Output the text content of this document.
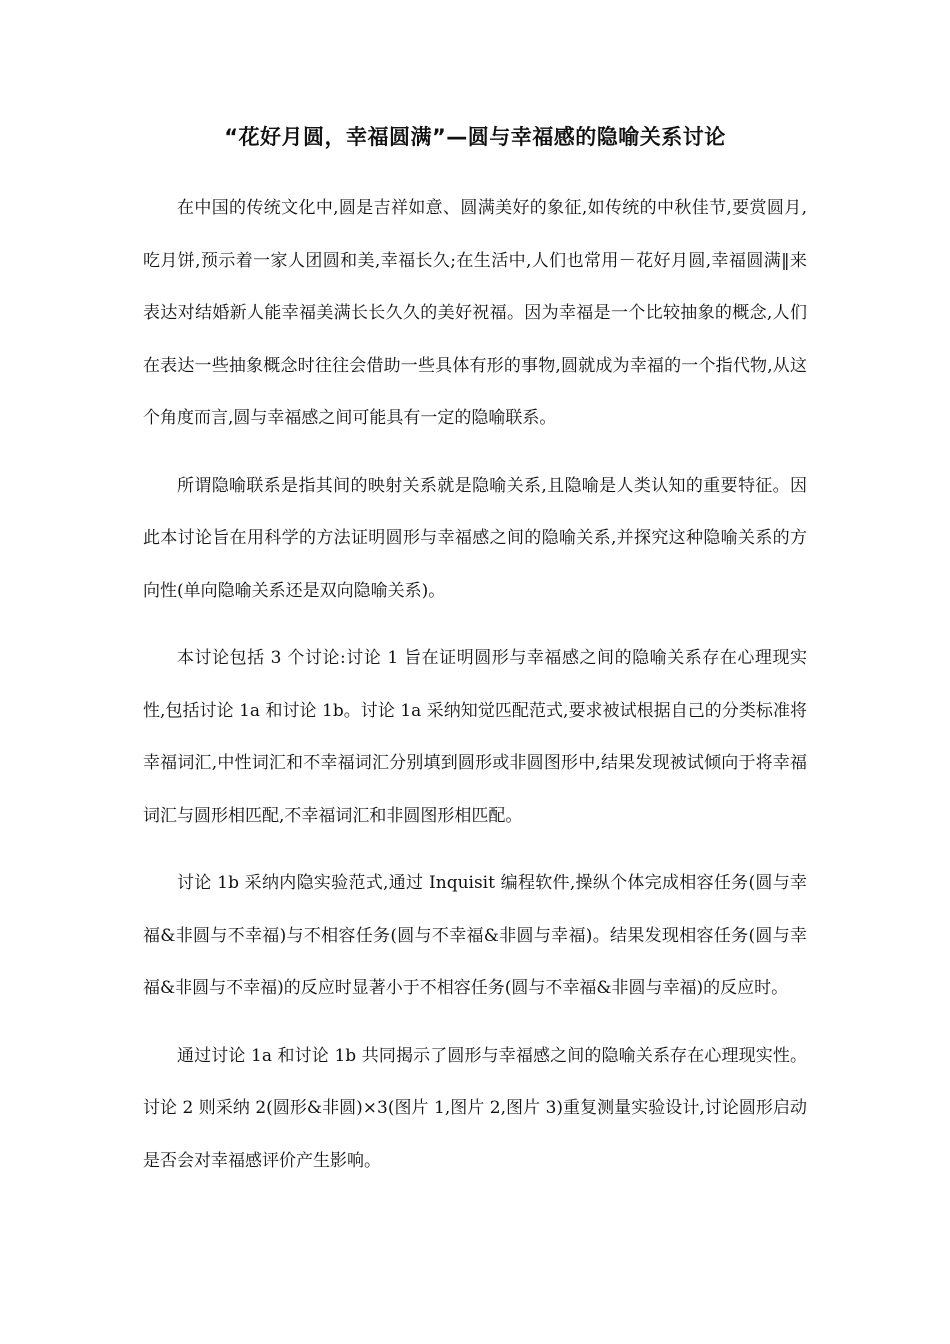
“花好月圆，幸福圆满”—圆与幸福感的隐喻关系讨论

在中国的传统文化中,圆是吉祥如意、圆满美好的象征,如传统的中秋佳节,要赏圆月,吃月饼,预示着一家人团圆和美,幸福长久;在生活中,人们也常用－花好月圆,幸福圆满‖来表达对结婚新人能幸福美满长长久久的美好祝福。因为幸福是一个比较抽象的概念,人们在表达一些抽象概念时往往会借助一些具体有形的事物,圆就成为幸福的一个指代物,从这个角度而言,圆与幸福感之间可能具有一定的隐喻联系。

所谓隐喻联系是指其间的映射关系就是隐喻关系,且隐喻是人类认知的重要特征。因此本讨论旨在用科学的方法证明圆形与幸福感之间的隐喻关系,并探究这种隐喻关系的方向性(单向隐喻关系还是双向隐喻关系)。

本讨论包括 3 个讨论:讨论 1 旨在证明圆形与幸福感之间的隐喻关系存在心理现实性,包括讨论 1a 和讨论 1b。讨论 1a 采纳知觉匹配范式,要求被试根据自己的分类标准将幸福词汇,中性词汇和不幸福词汇分别填到圆形或非圆图形中,结果发现被试倾向于将幸福词汇与圆形相匹配,不幸福词汇和非圆图形相匹配。

讨论 1b 采纳内隐实验范式,通过 Inquisit 编程软件,操纵个体完成相容任务(圆与幸福&非圆与不幸福)与不相容任务(圆与不幸福&非圆与幸福)。结果发现相容任务(圆与幸福&非圆与不幸福)的反应时显著小于不相容任务(圆与不幸福&非圆与幸福)的反应时。

通过讨论 1a 和讨论 1b 共同揭示了圆形与幸福感之间的隐喻关系存在心理现实性。讨论 2 则采纳 2(圆形&非圆)×3(图片 1,图片 2,图片 3)重复测量实验设计,讨论圆形启动是否会对幸福感评价产生影响。
